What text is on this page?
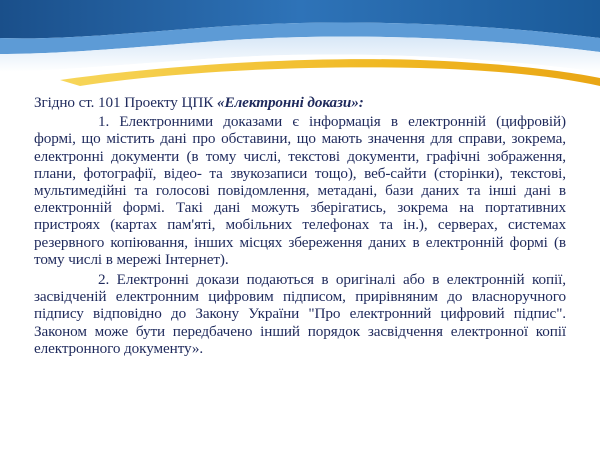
Згідно ст. 101 Проекту ЦПК «Електронні докази»:

1. Електронними доказами є інформація в електронній (цифровій) формі, що містить дані про обставини, що мають значення для справи, зокрема, електронні документи (в тому числі, текстові документи, графічні зображення, плани, фотографії, відео- та звукозаписи тощо), веб-сайти (сторінки), текстові, мультимедійні та голосові повідомлення, метадані, бази даних та інші дані в електронній формі. Такі дані можуть зберігатись, зокрема на портативних пристроях (картах пам'яті, мобільних телефонах та ін.), серверах, системах резервного копіювання, інших місцях збереження даних в електронній формі (в тому числі в мережі Інтернет).

2. Електронні докази подаються в оригіналі або в електронній копії, засвідченій електронним цифровим підписом, прирівняним до власноручного підпису відповідно до Закону України "Про електронний цифровий підпис". Законом може бути передбачено інший порядок засвідчення електронної копії електронного документу».
